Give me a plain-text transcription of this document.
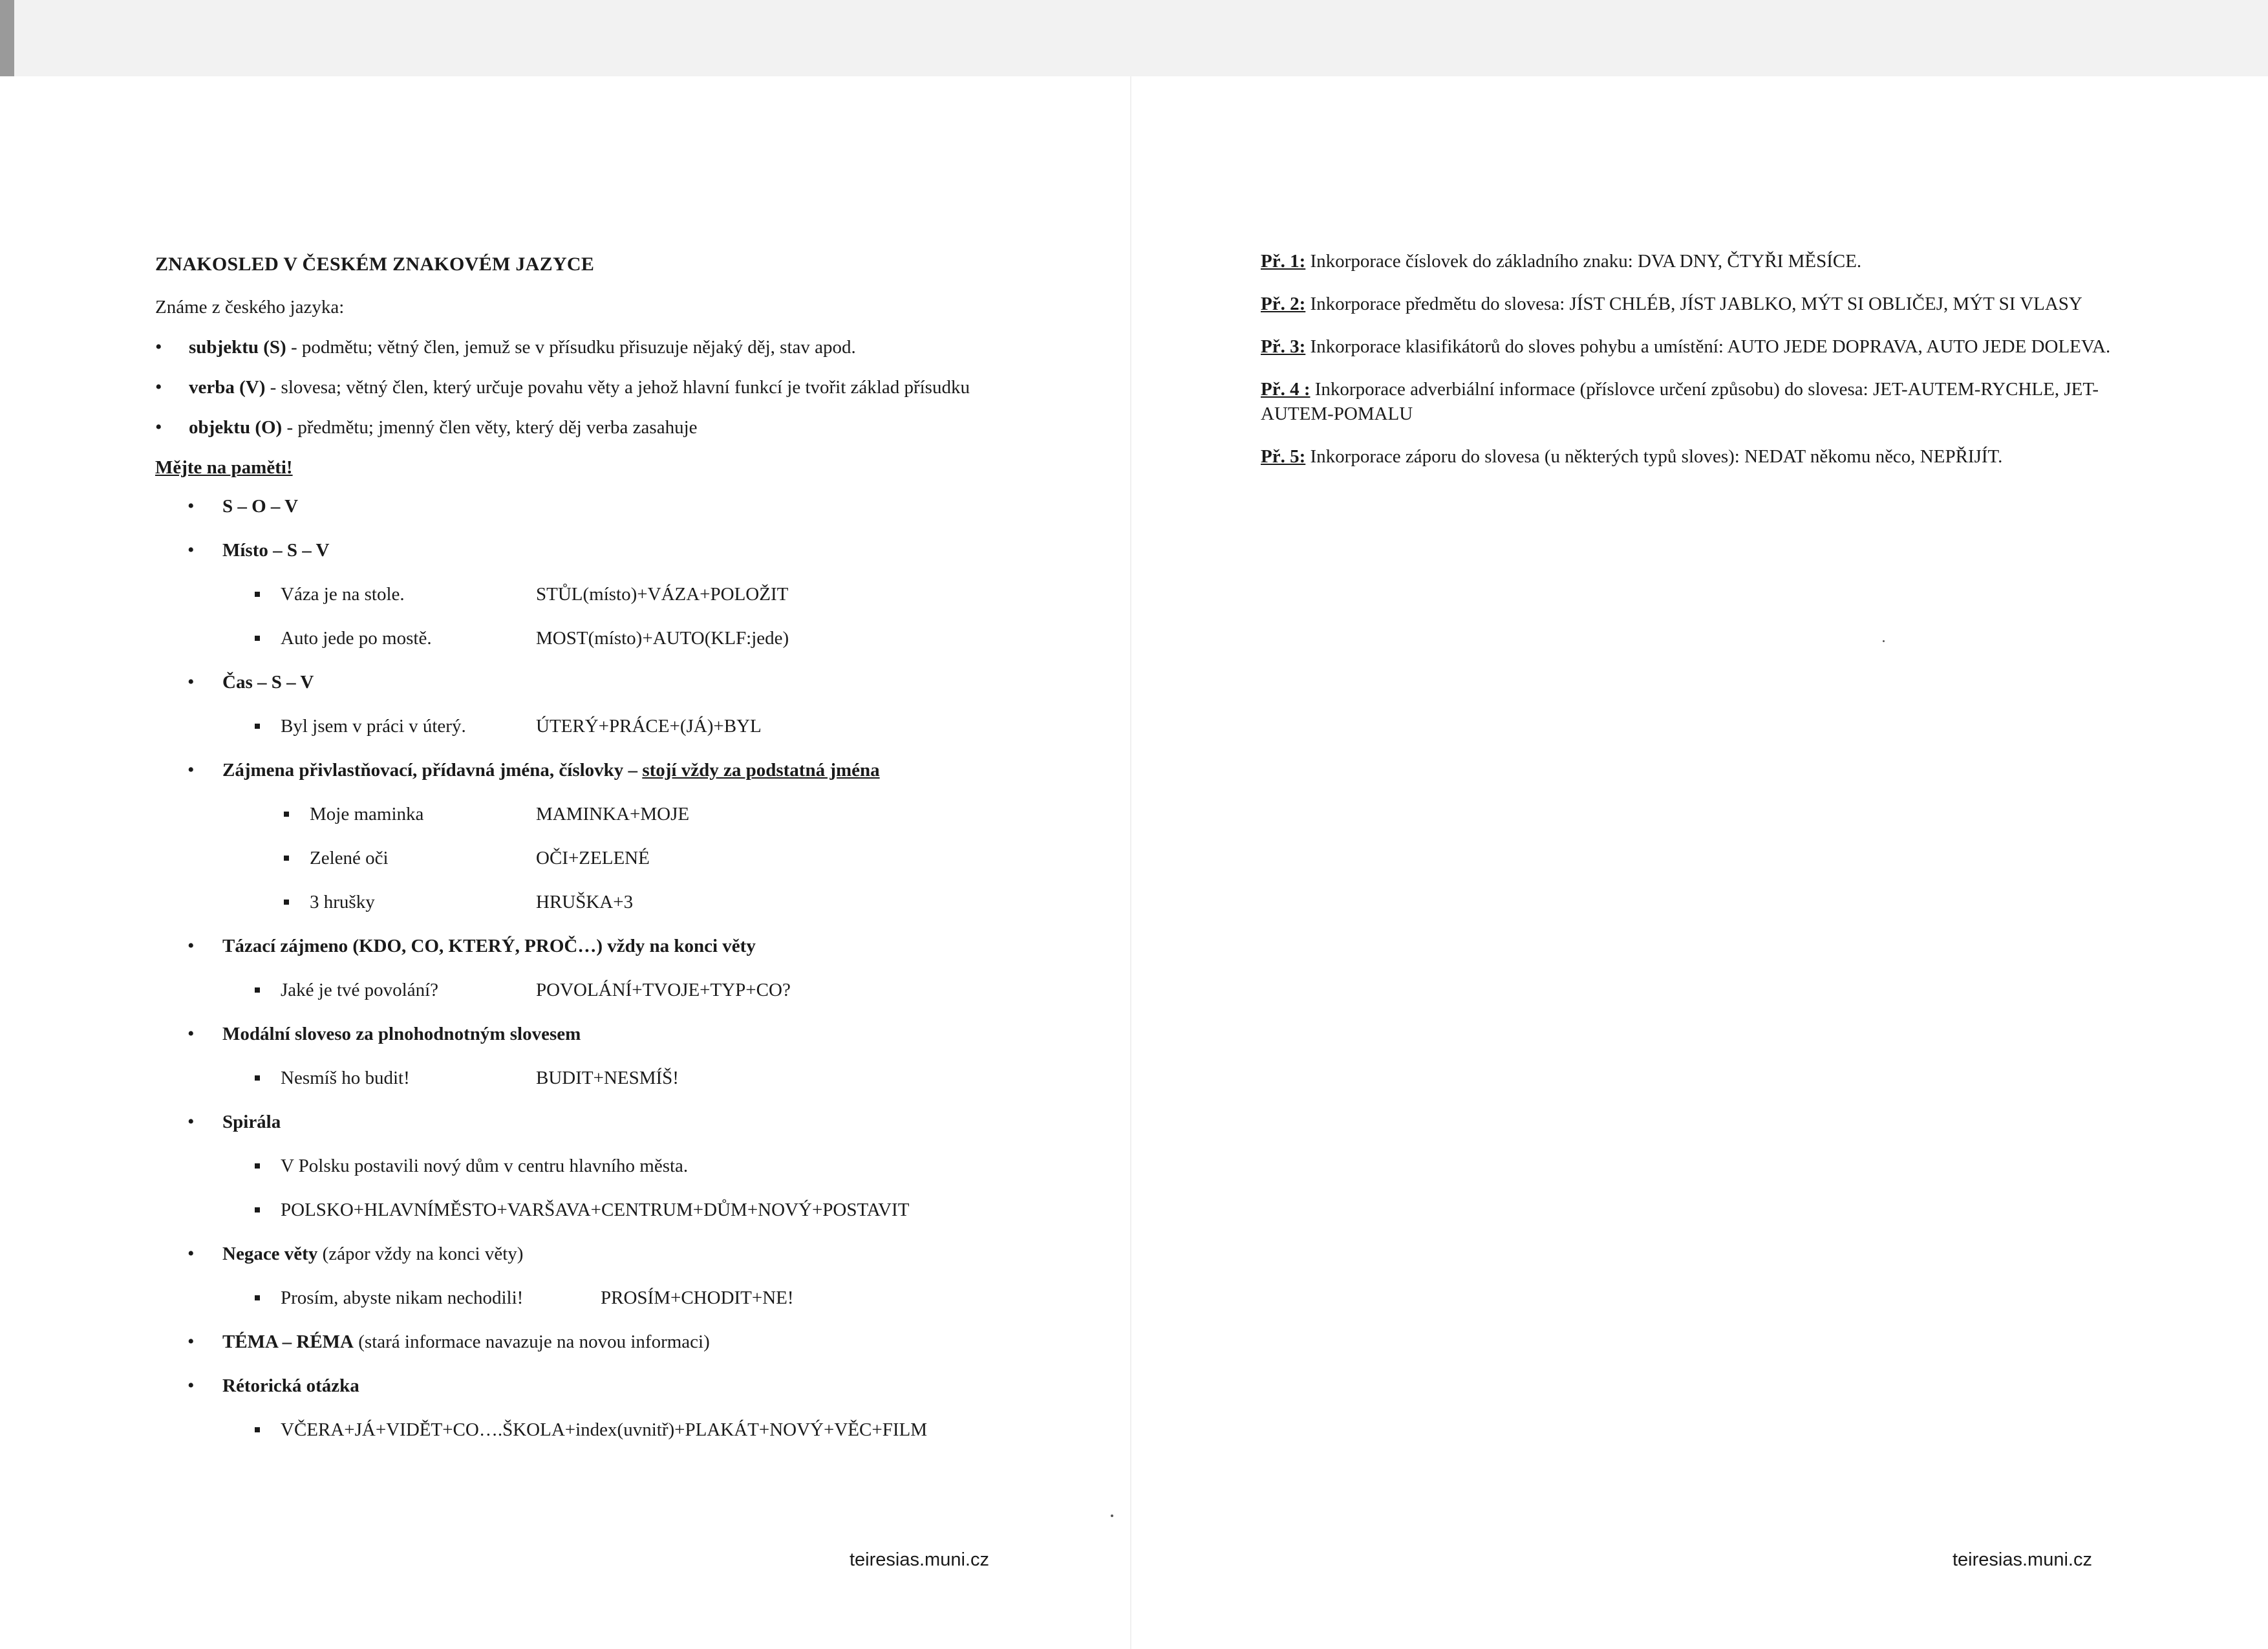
ZNAKOSLED V ČESKÉM ZNAKOVÉM JAZYCE
Známe z českého jazyka:
• subjektu (S) - podmětu; větný člen, jemuž se v přísudku přisuzuje nějaký děj, stav apod.
• verba (V) - slovesa; větný člen, který určuje povahu věty a jehož hlavní funkcí je tvořit základ přísudku
• objektu (O) - předmětu; jmenný člen věty, který děj verba zasahuje
Mějte na paměti!
• S – O – V
• Místo – S – V
Váza je na stole.	STŮL(místo)+VÁZA+POLOŽIT
Auto jede po mostě.	MOST(místo)+AUTO(KLF:jede)
• Čas – S – V
Byl jsem v práci v úterý.	ÚTERÝ+PRÁCE+(JÁ)+BYL
• Zájmena přivlastňovací, přídavná jména, číslovky – stojí vždy za podstatná jména
Moje maminka	MAMINKA+MOJE
Zelené oči	OČI+ZELENÉ
3 hrušky	HRUŠKA+3
• Tázací zájmeno (KDO, CO, KTERÝ, PROČ…) vždy na konci věty
Jaké je tvé povolání?	POVOLÁNÍ+TVOJE+TYP+CO?
• Modální sloveso za plnohodnotným slovesem
Nesmíš ho budit!	BUDIT+NESMÍŠ!
• Spirála
V Polsku postavili nový dům v centru hlavního města.
POLSKO+HLAVNÍMĚSTO+VARŠAVA+CENTRUM+DŮM+NOVÝ+POSTAVIT
• Negace věty (zápor vždy na konci věty)
Prosím, abyste nikam nechodili!	PROSÍM+CHODIT+NE!
• TÉMA – RÉMA (stará informace navazuje na novou informaci)
• Rétorická otázka
VČERA+JÁ+VIDĚT+CO….ŠKOLA+index(uvnitř)+PLAKÁT+NOVÝ+VĚC+FILM
Př. 1: Inkorporace číslovek do základního znaku: DVA DNY, ČTYŘI MĚSÍCE.
Př. 2: Inkorporace předmětu do slovesa: JÍST CHLÉB, JÍST JABLKO, MÝT SI OBLIČEJ, MÝT SI VLASY
Př. 3: Inkorporace klasifikátorů do sloves pohybu a umístění: AUTO JEDE DOPRAVA, AUTO JEDE DOLEVA.
Př. 4 : Inkorporace adverbiální informace (příslovce určení způsobu) do slovesa: JET-AUTEM-RYCHLE, JET-AUTEM-POMALU
Př. 5: Inkorporace záporu do slovesa (u některých typů sloves): NEDAT někomu něco, NEPŘIJÍT.
teiresias.muni.cz	teiresias.muni.cz
